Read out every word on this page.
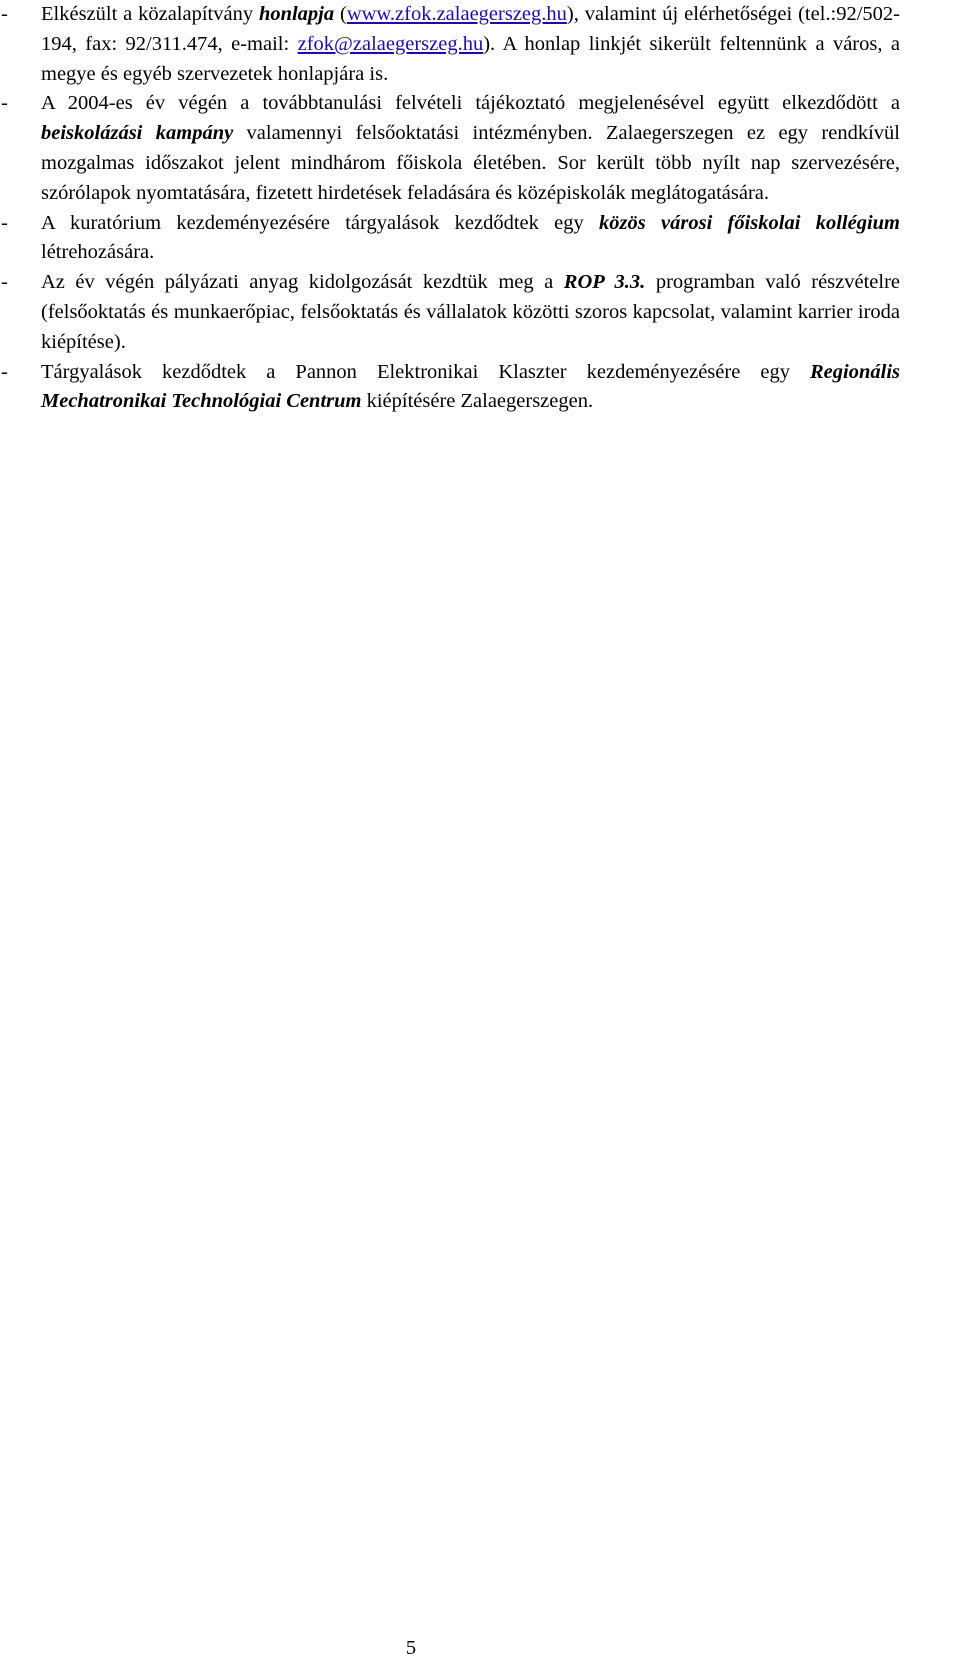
- Elkészült a közalapítvány honlapja (www.zfok.zalaegerszeg.hu), valamint új elérhetőségei (tel.:92/502-194, fax: 92/311.474, e-mail: zfok@zalaegerszeg.hu). A honlap linkjét sikerült feltennünk a város, a megye és egyéb szervezetek honlapjára is.

- A 2004-es év végén a továbbtanulási felvételi tájékoztató megjelenésével együtt elkezdődött a beiskolázási kampány valamennyi felsőoktatási intézményben. Zalaegerszegen ez egy rendkívül mozgalmas időszakot jelent mindhárom főiskola életében. Sor került több nyílt nap szervezésére, szórólapok nyomtatására, fizetett hirdetések feladására és középiskolák meglátogatására.

- A kuratórium kezdeményezésére tárgyalások kezdődtek egy közös városi főiskolai kollégium létrehozására.

- Az év végén pályázati anyag kidolgozását kezdtük meg a ROP 3.3. programban való részvételre (felsőoktatás és munkaerőpiac, felsőoktatás és vállalatok közötti szoros kapcsolat, valamint karrier iroda kiépítése).

- Tárgyalások kezdődtek a Pannon Elektronikai Klaszter kezdeményezésére egy Regionális Mechatronikai Technológiai Centrum kiépítésére Zalaegerszegen.

5
